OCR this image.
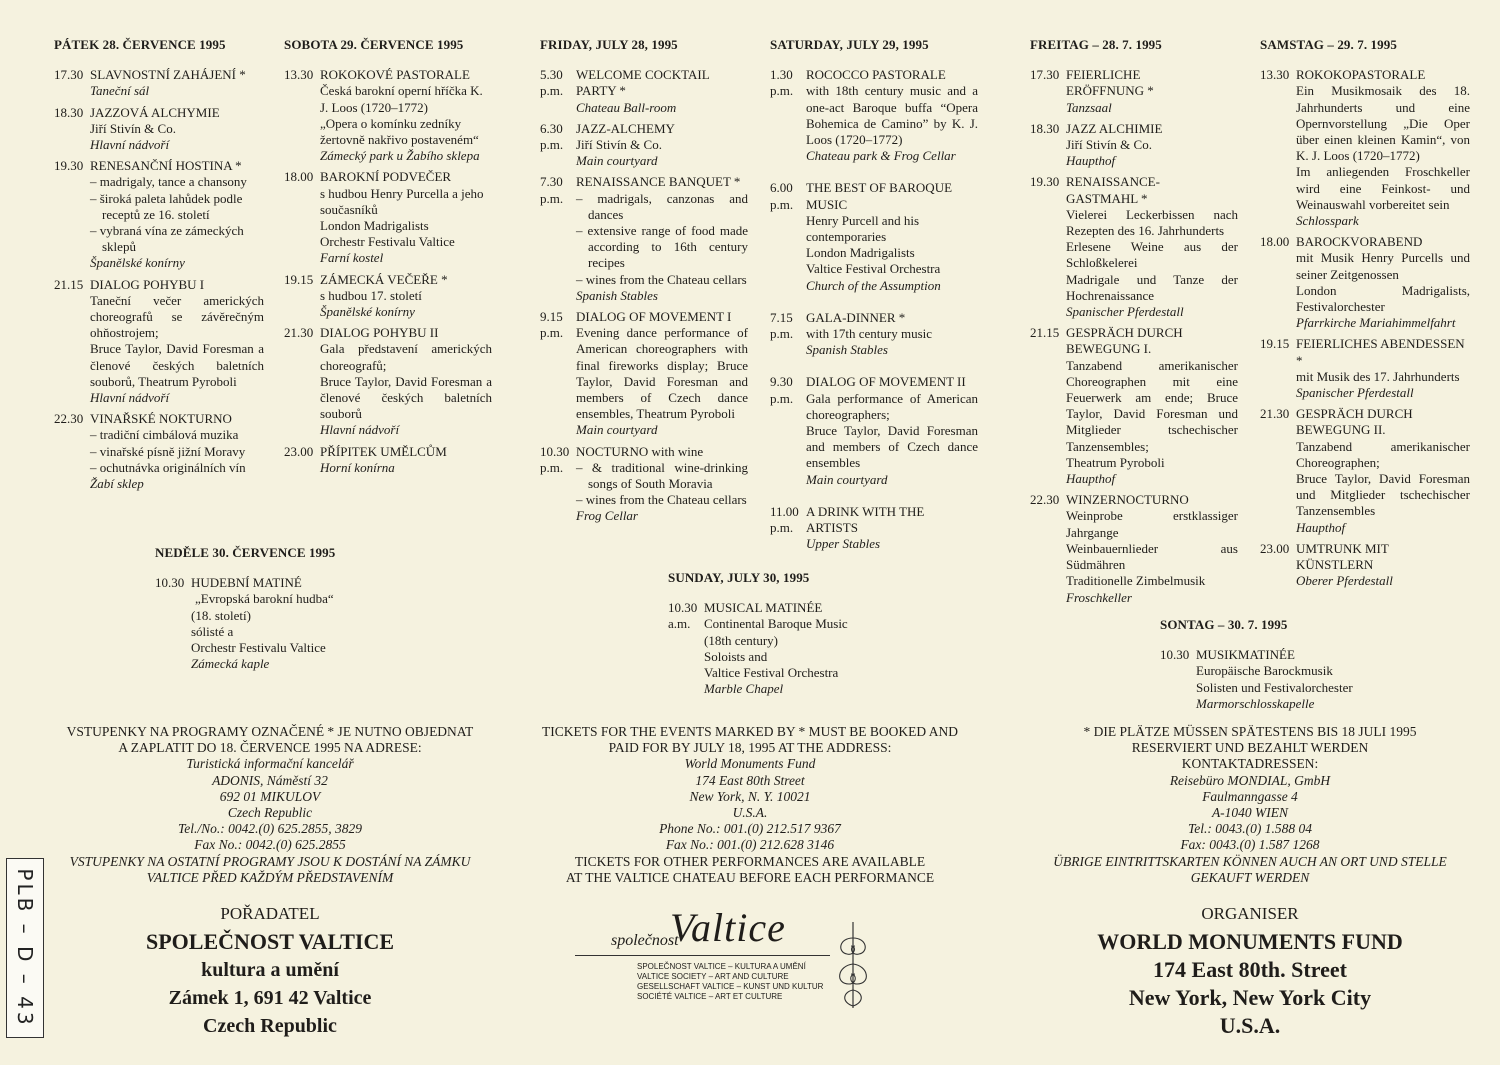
PÁTEK 28. ČERVENCE 1995
17.30 SLAVNOSTNÍ ZAHÁJENÍ *
Taneční sál
18.30 JAZZOVÁ ALCHYMIE
Jiří Stivín & Co.
Hlavní nádvoří
19.30 RENESANČNÍ HOSTINA *
– madrigaly, tance a chansony
– široká paleta lahůdek podle receptů ze 16. století
– vybraná vína ze zámeckých sklepů
Španělské konírny
21.15 DIALOG POHYBU I
Taneční večer amerických choreografů se závěrečným ohňostrojem;
Bruce Taylor, David Foresman a členové českých baletních souborů, Theatrum Pyroboli
Hlavní nádvoří
22.30 VINAŘSKÉ NOKTURNO
– tradiční cimbálová muzika
– vinařské písně jižní Moravy
– ochutnávka originálních vín
Žabí sklep
SOBOTA 29. ČERVENCE 1995
13.30 ROKOKOVÉ PASTORALE
Česká barokní operní hříčka K. J. Loos (1720–1772)
„Opera o komínku zedníky žertovně nakřivo postaveném“
Zámecký park u Žabího sklepa
18.00 BAROKNÍ PODVEČER
s hudbou Henry Purcella a jeho současníků
London Madrigalists
Orchestr Festivalu Valtice
Farní kostel
19.15 ZÁMECKÁ VEČEŘE *
s hudbou 17. století
Španělské konírny
21.30 DIALOG POHYBU II
Gala představení amerických choreografů;
Bruce Taylor, David Foresman a členové českých baletních souborů
Hlavní nádvoří
23.00 PŘÍPITEK UMĚLCŮM
Horní konírna
NEDĚLE 30. ČERVENCE 1995
10.30 HUDEBNÍ MATINÉ
„Evropská barokní hudba“
(18. století)
sólisté a
Orchestr Festivalu Valtice
Zámecká kaple
FRIDAY, JULY 28, 1995
5.30
p.m.
WELCOME COCKTAIL PARTY *
Chateau Ball-room
6.30
p.m.
JAZZ-ALCHEMY
Jiří Stivín & Co.
Main courtyard
7.30
p.m.
RENAISSANCE BANQUET *
– madrigals, canzonas and dances
– extensive range of food made according to 16th century recipes
– wines from the Chateau cellars
Spanish Stables
9.15
p.m.
DIALOG OF MOVEMENT I
Evening dance performance of American choreographers with final fireworks display; Bruce Taylor, David Foresman and members of Czech dance ensembles, Theatrum Pyroboli
Main courtyard
10.30
p.m.
NOCTURNO with wine
– & traditional wine-drinking songs of South Moravia
– wines from the Chateau cellars
Frog Cellar
SATURDAY, JULY 29, 1995
1.30
p.m.
ROCOCCO PASTORALE
with 18th century music and a one-act Baroque buffa “Opera Bohemica de Camino” by K. J. Loos (1720–1772)
Chateau park & Frog Cellar
6.00
p.m.
THE BEST OF BAROQUE MUSIC
Henry Purcell and his contemporaries
London Madrigalists
Valtice Festival Orchestra
Church of the Assumption
7.15
p.m.
GALA-DINNER *
with 17th century music
Spanish Stables
9.30
p.m.
DIALOG OF MOVEMENT II
Gala performance of American choreographers;
Bruce Taylor, David Foresman and members of Czech dance ensembles
Main courtyard
11.00
p.m.
A DRINK WITH THE ARTISTS
Upper Stables
SUNDAY, JULY 30, 1995
10.30
a.m.
MUSICAL MATINÉE
Continental Baroque Music
(18th century)
Soloists and
Valtice Festival Orchestra
Marble Chapel
FREITAG – 28. 7. 1995
17.30 FEIERLICHE ERÖFFNUNG *
Tanzsaal
18.30 JAZZ ALCHIMIE
Jiří Stivín & Co.
Haupthof
19.30 RENAISSANCE-GASTMAHL *
Vielerei Leckerbissen nach Rezepten des 16. Jahrhunderts
Erlesene Weine aus der Schloßkelerei
Madrigale und Tanze der Hochrenaissance
Spanischer Pferdestall
21.15 GESPRÄCH DURCH BEWEGUNG I.
Tanzabend amerikanischer Choreographen mit eine Feuerwerk am ende; Bruce Taylor, David Foresman und Mitglieder tschechischer Tanzensembles;
Theatrum Pyroboli
Haupthof
22.30 WINZERNOCTURNO
Weinprobe erstklassiger Jahrgange
Weinbauernlieder aus Südmähren
Traditionelle Zimbelmusik
Froschkeller
SAMSTAG – 29. 7. 1995
13.30 ROKOKOPASTORALE
Ein Musikmosaik des 18. Jahrhunderts und eine Opernvorstellung „Die Oper über einen kleinen Kamin“, von K. J. Loos (1720–1772)
Im anliegenden Froschkeller wird eine Feinkost- und Weinauswahl vorbereitet sein
Schlosspark
18.00 BAROCKVORABEND
mit Musik Henry Purcells und seiner Zeitgenossen
London Madrigalists, Festivalorchester
Pfarrkirche Mariahimmelfahrt
19.15 FEIERLICHES ABENDESSEN *
mit Musik des 17. Jahrhunderts
Spanischer Pferdestall
21.30 GESPRÄCH DURCH BEWEGUNG II.
Tanzabend amerikanischer Choreographen;
Bruce Taylor, David Foresman und Mitglieder tschechischer Tanzensembles
Haupthof
23.00 UMTRUNK MIT KÜNSTLERN
Oberer Pferdestall
SONTAG – 30. 7. 1995
10.30 MUSIKMATINÉE
Europäische Barockmusik
Solisten und Festivalorchester
Marmorschlosskapelle
VSTUPENKY NA PROGRAMY OZNAČENÉ * JE NUTNO OBJEDNAT
A ZAPLATIT DO 18. ČERVENCE 1995 NA ADRESE:
Turistická informační kancelář
ADONIS, Náměstí 32
692 01 MIKULOV
Czech Republic
Tel./No.: 0042.(0) 625.2855, 3829
Fax No.: 0042.(0) 625.2855
VSTUPENKY NA OSTATNÍ PROGRAMY JSOU K DOSTÁNÍ NA ZÁMKU
VALTICE PŘED KAŽDÝM PŘEDSTAVENÍM
TICKETS FOR THE EVENTS MARKED BY * MUST BE BOOKED AND
PAID FOR BY JULY 18, 1995 AT THE ADDRESS:
World Monuments Fund
174 East 80th Street
New York, N. Y. 10021
U.S.A.
Phone No.: 001.(0) 212.517 9367
Fax No.: 001.(0) 212.628 3146
TICKETS FOR OTHER PERFORMANCES ARE AVAILABLE
AT THE VALTICE CHATEAU BEFORE EACH PERFORMANCE
* DIE PLÄTZE MÜSSEN SPÄTESTENS BIS 18 JULI 1995
RESERVIERT UND BEZAHLT WERDEN
KONTAKTADRESSEN:
Reisebüro MONDIAL, GmbH
Faulmanngasse 4
A-1040 WIEN
Tel.: 0043.(0) 1.588 04
Fax: 0043.(0) 1.587 1268
ÜBRIGE EINTRITTSKARTEN KÖNNEN AUCH AN ORT UND STELLE
GEKAUFT WERDEN
POŘADATEL
SPOLEČNOST VALTICE
kultura a umění
Zámek 1, 691 42 Valtice
Czech Republic
ORGANISER
WORLD MONUMENTS FUND
174 East 80th. Street
New York, New York City
U.S.A.
společnost
Valtice
SPOLEČNOST VALTICE – KULTURA A UMĚNÍ
VALTICE SOCIETY – ART AND CULTURE
GESELLSCHAFT VALTICE – KUNST UND KULTUR
SOCIÉTÉ VALTICE – ART ET CULTURE
PLB – D – 43
